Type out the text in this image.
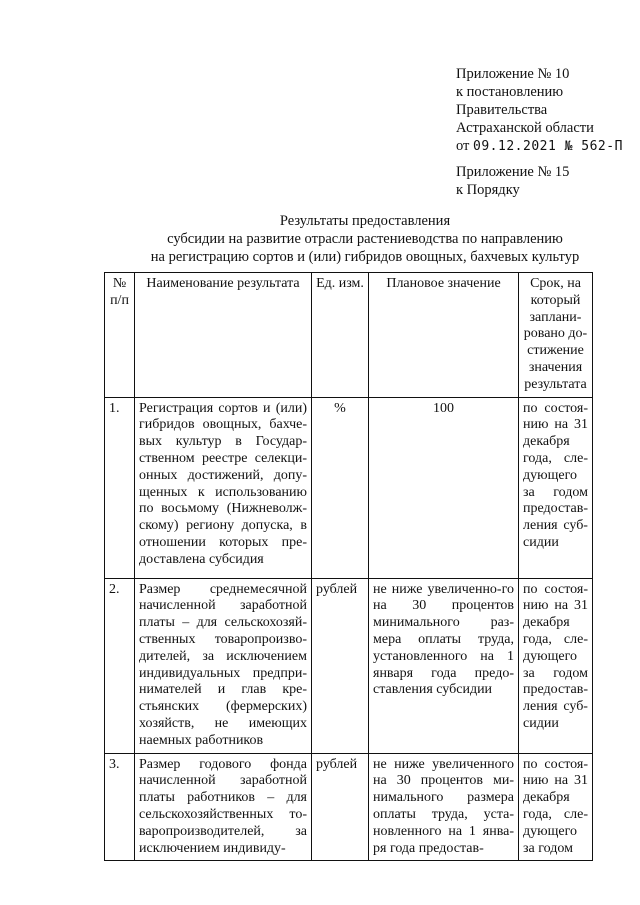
Приложение № 10
к постановлению
Правительства
Астраханской области
от 09.12.2021 № 562-П
Приложение № 15
к Порядку
Результаты предоставления
субсидии на развитие отрасли растениеводства по направлению
на регистрацию сортов и (или) гибридов овощных, бахчевых культур
№ п/п	Наименование результата	Ед. изм.	Плановое значение	Срок, на который заплани-ровано до-стижение значения результата
1.	Регистрация сортов и (или) гибридов овощных, бахче-вых культур в Государ-ственном реестре селекци-онных достижений, допу-щенных к использованию по восьмому (Нижневолж-скому) региону допуска, в отношении которых пре-доставлена субсидия	%	100	по состоя-нию на 31 декабря года, сле-дующего за годом предостав-ления суб-сидии
2.	Размер среднемесячной начисленной заработной платы – для сельскохозяй-ственных товаропроизво-дителей, за исключением индивидуальных предпри-нимателей и глав кре-стьянских (фермерских) хозяйств, не имеющих наемных работников	рублей	не ниже увеличенно-го на 30 процентов минимального раз-мера оплаты труда, установленного на 1 января года предо-ставления субсидии	по состоя-нию на 31 декабря года, сле-дующего за годом предостав-ления суб-сидии
3.	Размер годового фонда начисленной заработной платы работников – для сельскохозяйственных то-варопроизводителей, за исключением индивиду-	рублей	не ниже увеличенного на 30 процентов ми-нимального размера оплаты труда, уста-новленного на 1 янва-ря года предостав-	по состоя-нию на 31 декабря года, сле-дующего за годом
